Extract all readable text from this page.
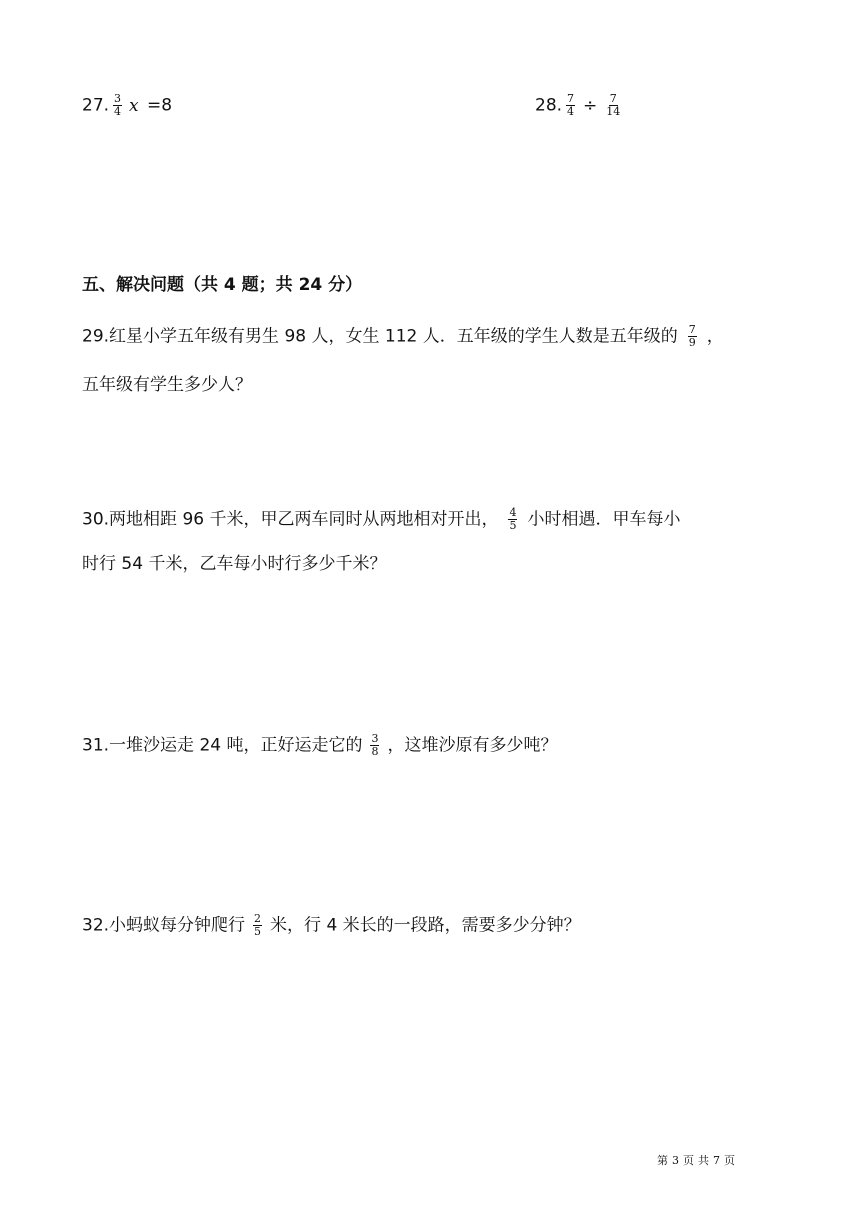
27. $\frac{3}{4}$ x =8	28. $\frac{7}{4} \div \frac{7}{14}$
五、解决问题（共 4 题；共 24 分）
29.红星小学五年级有男生 98 人，女生 112 人．五年级的学生人数是五年级的 $\frac{7}{9}$ ，
五年级有学生多少人？
30.两地相距 96 千米，甲乙两车同时从两地相对开出， $\frac{4}{5}$ 小时相遇．甲车每小
时行 54 千米，乙车每小时行多少千米？
31.一堆沙运走 24 吨，正好运走它的 $\frac{3}{8}$ ，这堆沙原有多少吨？
32.小蚂蚁每分钟爬行 $\frac{2}{5}$ 米，行 4 米长的一段路，需要多少分钟？
第 3 页 共 7 页
